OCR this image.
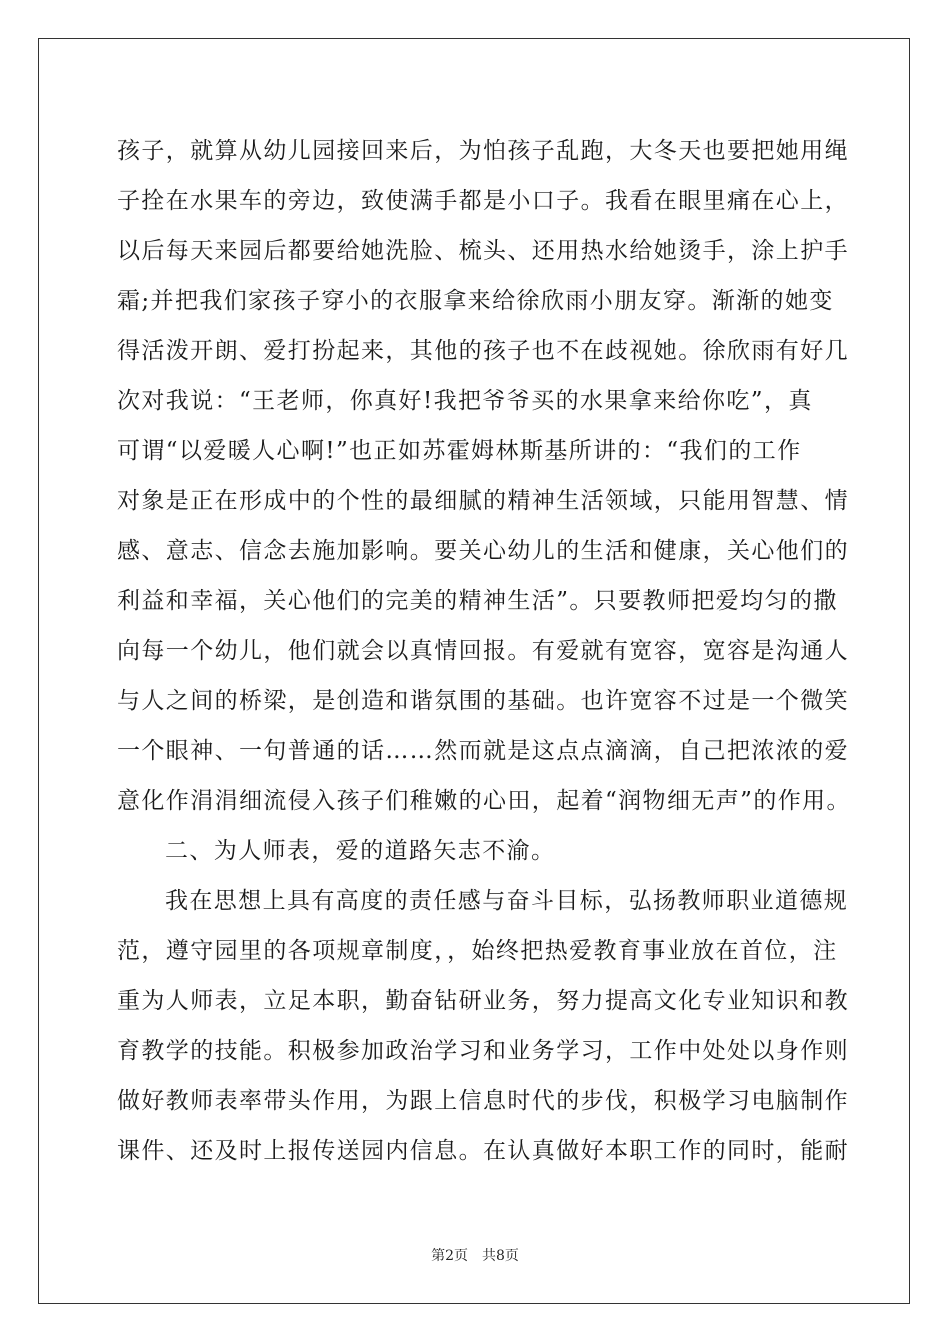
孩子，就算从幼儿园接回来后，为怕孩子乱跑，大冬天也要把她用绳
子拴在水果车的旁边，致使满手都是小口子。我看在眼里痛在心上，
以后每天来园后都要给她洗脸、梳头、还用热水给她烫手，涂上护手
霜;并把我们家孩子穿小的衣服拿来给徐欣雨小朋友穿。渐渐的她变
得活泼开朗、爱打扮起来，其他的孩子也不在歧视她。徐欣雨有好几
次对我说：“王老师，你真好!我把爷爷买的水果拿来给你吃”，真
可谓“以爱暖人心啊!”也正如苏霍姆林斯基所讲的：“我们的工作
对象是正在形成中的个性的最细腻的精神生活领域，只能用智慧、情
感、意志、信念去施加影响。要关心幼儿的生活和健康，关心他们的
利益和幸福，关心他们的完美的精神生活”。只要教师把爱均匀的撒
向每一个幼儿，他们就会以真情回报。有爱就有宽容，宽容是沟通人
与人之间的桥梁，是创造和谐氛围的基础。也许宽容不过是一个微笑
一个眼神、一句普通的话……然而就是这点点滴滴，自己把浓浓的爱
意化作涓涓细流侵入孩子们稚嫩的心田，起着“润物细无声”的作用。
二、为人师表，爱的道路矢志不渝。
我在思想上具有高度的责任感与奋斗目标，弘扬教师职业道德规
范，遵守园里的各项规章制度，，始终把热爱教育事业放在首位，注
重为人师表，立足本职，勤奋钻研业务，努力提高文化专业知识和教
育教学的技能。积极参加政治学习和业务学习，工作中处处以身作则
做好教师表率带头作用，为跟上信息时代的步伐，积极学习电脑制作
课件、还及时上报传送园内信息。在认真做好本职工作的同时，能耐
第2页　共8页
